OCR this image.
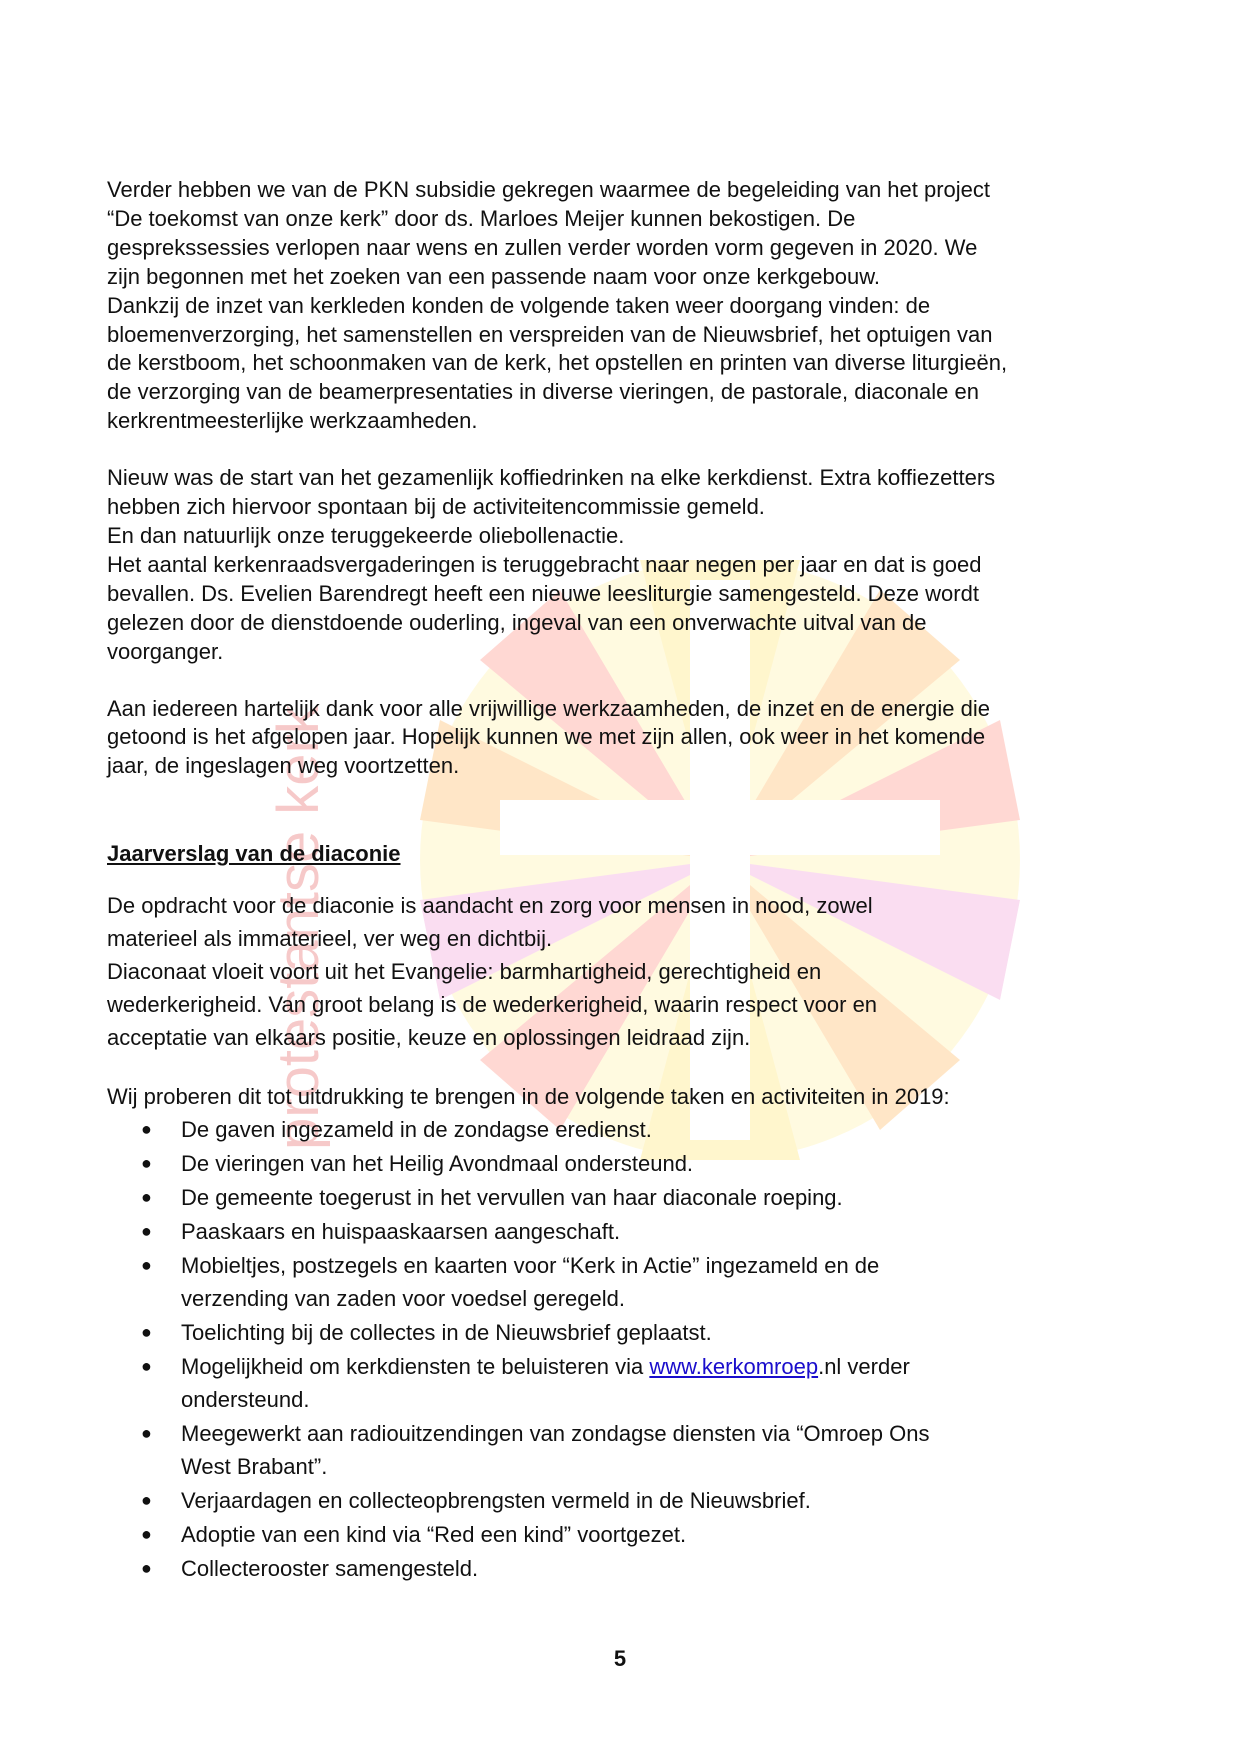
protestantse kerk

Verder hebben we van de PKN subsidie gekregen waarmee de begeleiding van het project
“De toekomst van onze kerk” door ds. Marloes Meijer kunnen bekostigen. De
gesprekssessies verlopen naar wens en zullen verder worden vorm gegeven in 2020. We
zijn begonnen met het zoeken van een passende naam voor onze kerkgebouw.
Dankzij de inzet van kerkleden konden de volgende taken weer doorgang vinden: de
bloemenverzorging, het samenstellen en verspreiden van de Nieuwsbrief, het optuigen van
de kerstboom, het schoonmaken van de kerk, het opstellen en printen van diverse liturgieën,
de verzorging van de beamerpresentaties in diverse vieringen, de pastorale, diaconale en
kerkrentmeesterlijke werkzaamheden.

Nieuw was de start van het gezamenlijk koffiedrinken na elke kerkdienst. Extra koffiezetters
hebben zich hiervoor spontaan bij de activiteitencommissie gemeld.
En dan natuurlijk onze teruggekeerde oliebollenactie.
Het aantal kerkenraadsvergaderingen is teruggebracht naar negen per jaar en dat is goed
bevallen. Ds. Evelien Barendregt heeft een nieuwe leesliturgie samengesteld. Deze wordt
gelezen door de dienstdoende ouderling, ingeval van een onverwachte uitval van de
voorganger.

Aan iedereen hartelijk dank voor alle vrijwillige werkzaamheden, de inzet en de energie die
getoond is het afgelopen jaar. Hopelijk kunnen we met zijn allen, ook weer in het komende
jaar, de ingeslagen weg voortzetten.

Jaarverslag van de diaconie

De opdracht voor de diaconie is aandacht en zorg voor mensen in nood, zowel
materieel als immaterieel, ver weg en dichtbij.
Diaconaat vloeit voort uit het Evangelie: barmhartigheid, gerechtigheid en
wederkerigheid. Van groot belang is de wederkerigheid, waarin respect voor en
acceptatie van elkaars positie, keuze en oplossingen leidraad zijn.

Wij proberen dit tot uitdrukking te brengen in de volgende taken en activiteiten in 2019:

● De gaven ingezameld in de zondagse eredienst.
● De vieringen van het Heilig Avondmaal ondersteund.
● De gemeente toegerust in het vervullen van haar diaconale roeping.
● Paaskaars en huispaaskaarsen aangeschaft.
● Mobieltjes, postzegels en kaarten voor “Kerk in Actie” ingezameld en de
verzending van zaden voor voedsel geregeld.
● Toelichting bij de collectes in de Nieuwsbrief geplaatst.
● Mogelijkheid om kerkdiensten te beluisteren via www.kerkomroep.nl verder
ondersteund.
● Meegewerkt aan radiouitzendingen van zondagse diensten via “Omroep Ons
West Brabant”.
● Verjaardagen en collecteopbrengsten vermeld in de Nieuwsbrief.
● Adoptie van een kind via “Red een kind” voortgezet.
● Collecterooster samengesteld.
5
